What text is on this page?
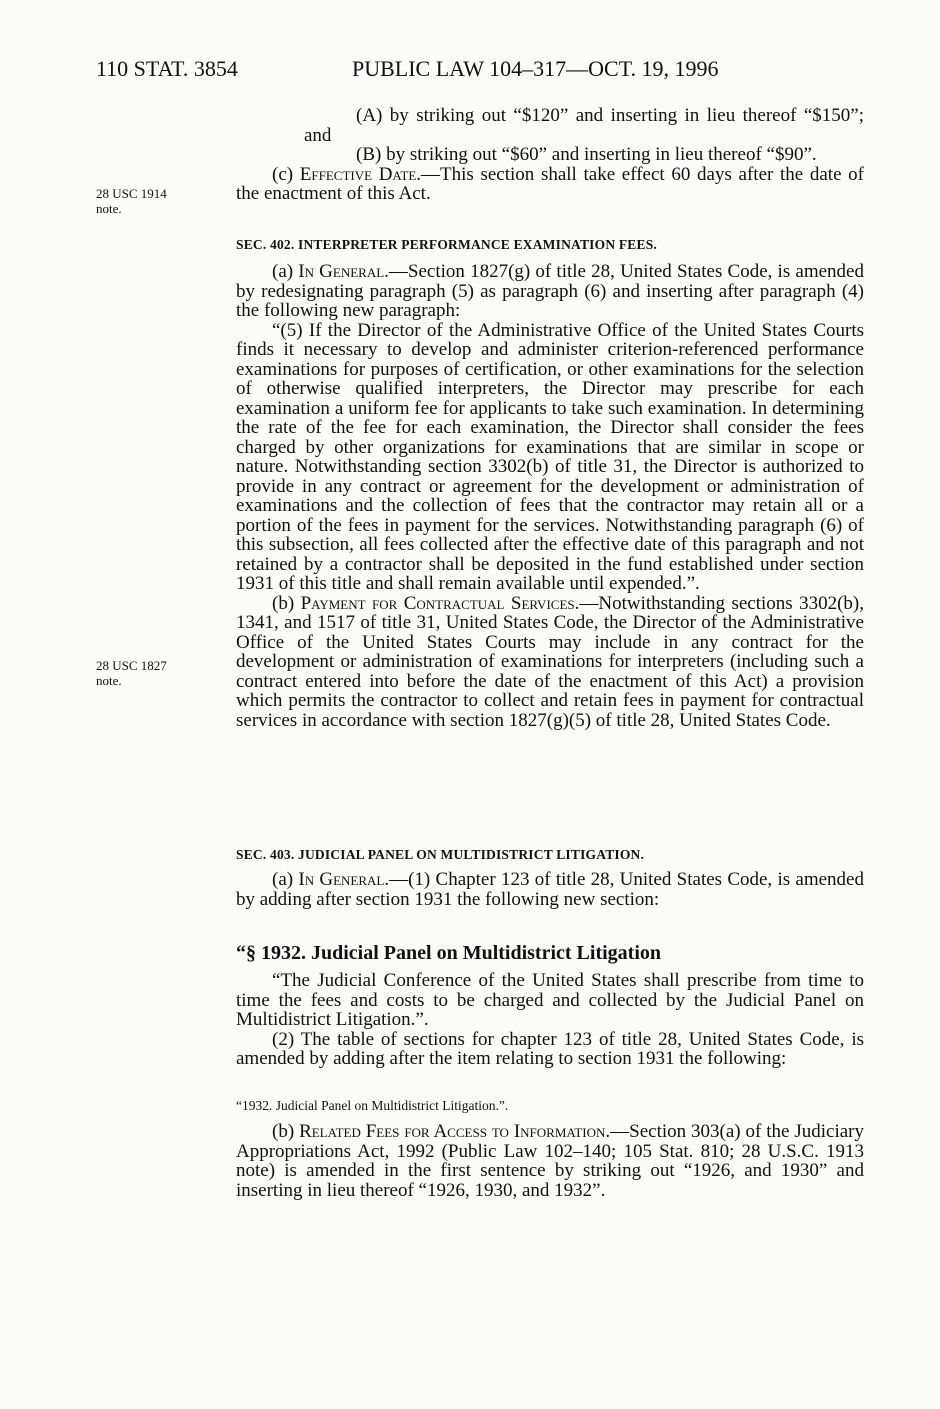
110 STAT. 3854	PUBLIC LAW 104–317—OCT. 19, 1996
28 USC 1914
note.
28 USC 1827
note.

(A) by striking out “$120” and inserting in lieu thereof “$150”; and

(B) by striking out “$60” and inserting in lieu thereof “$90”.

(c) Effective Date.—This section shall take effect 60 days after the date of the enactment of this Act.

SEC. 402. INTERPRETER PERFORMANCE EXAMINATION FEES.

(a) In General.—Section 1827(g) of title 28, United States Code, is amended by redesignating paragraph (5) as paragraph (6) and inserting after paragraph (4) the following new paragraph:

“(5) If the Director of the Administrative Office of the United States Courts finds it necessary to develop and administer criterion-referenced performance examinations for purposes of certification, or other examinations for the selection of otherwise qualified interpreters, the Director may prescribe for each examination a uniform fee for applicants to take such examination. In determining the rate of the fee for each examination, the Director shall consider the fees charged by other organizations for examinations that are similar in scope or nature. Notwithstanding section 3302(b) of title 31, the Director is authorized to provide in any contract or agreement for the development or administration of examinations and the collection of fees that the contractor may retain all or a portion of the fees in payment for the services. Notwithstanding paragraph (6) of this subsection, all fees collected after the effective date of this paragraph and not retained by a contractor shall be deposited in the fund established under section 1931 of this title and shall remain available until expended.”.

(b) Payment for Contractual Services.—Notwithstanding sections 3302(b), 1341, and 1517 of title 31, United States Code, the Director of the Administrative Office of the United States Courts may include in any contract for the development or administration of examinations for interpreters (including such a contract entered into before the date of the enactment of this Act) a provision which permits the contractor to collect and retain fees in payment for contractual services in accordance with section 1827(g)(5) of title 28, United States Code.

SEC. 403. JUDICIAL PANEL ON MULTIDISTRICT LITIGATION.

(a) In General.—(1) Chapter 123 of title 28, United States Code, is amended by adding after section 1931 the following new section:

“§ 1932. Judicial Panel on Multidistrict Litigation

“The Judicial Conference of the United States shall prescribe from time to time the fees and costs to be charged and collected by the Judicial Panel on Multidistrict Litigation.”.

(2) The table of sections for chapter 123 of title 28, United States Code, is amended by adding after the item relating to section 1931 the following:

“1932. Judicial Panel on Multidistrict Litigation.”.

(b) Related Fees for Access to Information.—Section 303(a) of the Judiciary Appropriations Act, 1992 (Public Law 102–140; 105 Stat. 810; 28 U.S.C. 1913 note) is amended in the first sentence by striking out “1926, and 1930” and inserting in lieu thereof “1926, 1930, and 1932”.
